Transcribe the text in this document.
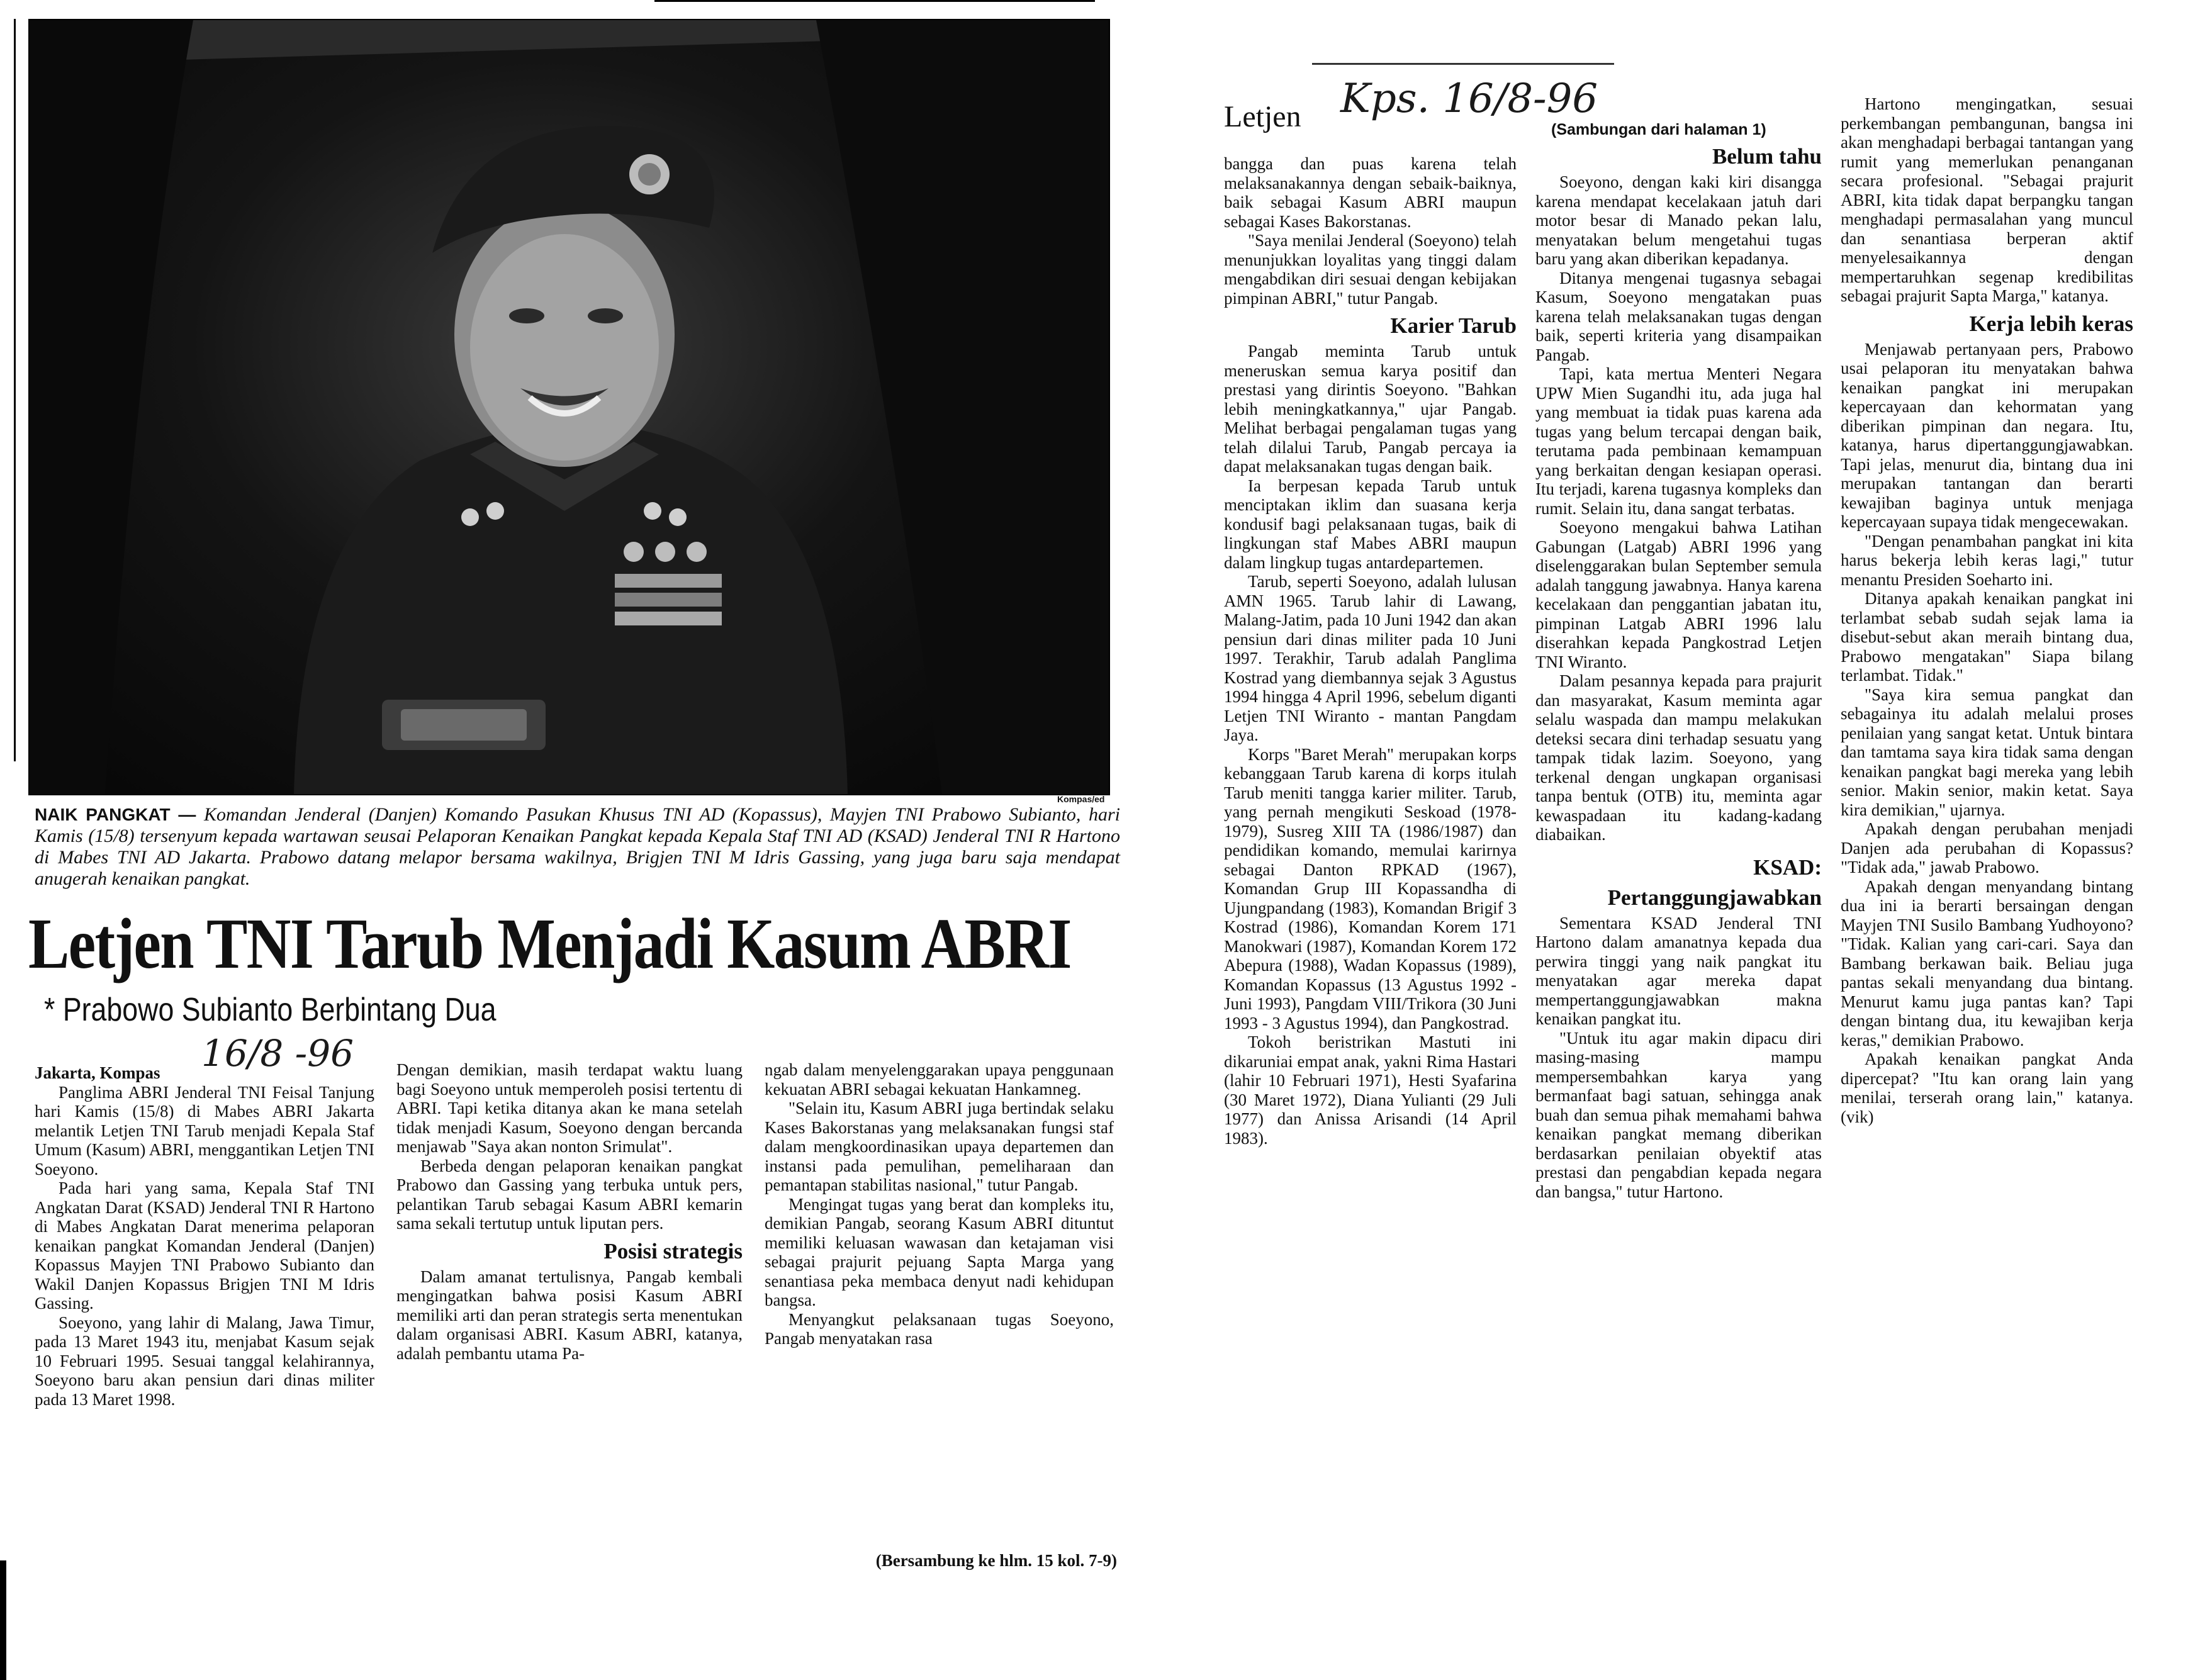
Kompas/ed
NAIK PANGKAT — Komandan Jenderal (Danjen) Komando Pasukan Khusus TNI AD (Kopassus), Mayjen TNI Prabowo Subianto, hari Kamis (15/8) tersenyum kepada wartawan seusai Pelaporan Kenaikan Pangkat kepada Kepala Staf TNI AD (KSAD) Jenderal TNI R Hartono di Mabes TNI AD Jakarta. Prabowo datang melapor bersama wakilnya, Brigjen TNI M Idris Gassing, yang juga baru saja mendapat anugerah kenaikan pangkat.
Letjen TNI Tarub Menjadi Kasum ABRI
* Prabowo Subianto Berbintang Dua
16/8 -96

Jakarta, Kompas

Panglima ABRI Jenderal TNI Feisal Tanjung hari Kamis (15/8) di Mabes ABRI Jakarta melantik Letjen TNI Tarub menjadi Kepala Staf Umum (Kasum) ABRI, menggantikan Letjen TNI Soeyono.

Pada hari yang sama, Kepala Staf TNI Angkatan Darat (KSAD) Jenderal TNI R Hartono di Mabes Angkatan Darat menerima pelaporan kenaikan pangkat Komandan Jenderal (Danjen) Kopassus Mayjen TNI Prabowo Subianto dan Wakil Danjen Kopassus Brigjen TNI M Idris Gassing.

Soeyono, yang lahir di Malang, Jawa Timur, pada 13 Maret 1943 itu, menjabat Kasum sejak 10 Februari 1995. Sesuai tanggal kelahirannya, Soeyono baru akan pensiun dari dinas militer pada 13 Maret 1998.

Dengan demikian, masih terdapat waktu luang bagi Soeyono untuk memperoleh posisi tertentu di ABRI. Tapi ketika ditanya akan ke mana setelah tidak menjadi Kasum, Soeyono dengan bercanda menjawab "Saya akan nonton Srimulat".

Berbeda dengan pelaporan kenaikan pangkat Prabowo dan Gassing yang terbuka untuk pers, pelantikan Tarub sebagai Kasum ABRI kemarin sama sekali tertutup untuk liputan pers.

Posisi strategis

Dalam amanat tertulisnya, Pangab kembali mengingatkan bahwa posisi Kasum ABRI memiliki arti dan peran strategis serta menentukan dalam organisasi ABRI. Kasum ABRI, katanya, adalah pembantu utama Pa-

ngab dalam menyelenggarakan upaya penggunaan kekuatan ABRI sebagai kekuatan Hankamneg.

"Selain itu, Kasum ABRI juga bertindak selaku Kases Bakorstanas yang melaksanakan fungsi staf dalam mengkoordinasikan upaya departemen dan instansi pada pemulihan, pemeliharaan dan pemantapan stabilitas nasional," tutur Pangab.

Mengingat tugas yang berat dan kompleks itu, demikian Pangab, seorang Kasum ABRI dituntut memiliki keluasan wawasan dan ketajaman visi sebagai prajurit pejuang Sapta Marga yang senantiasa peka membaca denyut nadi kehidupan bangsa.

Menyangkut pelaksanaan tugas Soeyono, Pangab menyatakan rasa

(Bersambung ke hlm. 15 kol. 7-9)
Letjen Kps. 16/8-96
(Sambungan dari halaman 1)

bangga dan puas karena telah melaksanakannya dengan sebaik-baiknya, baik sebagai Kasum ABRI maupun sebagai Kases Bakorstanas.

"Saya menilai Jenderal (Soeyono) telah menunjukkan loyalitas yang tinggi dalam mengabdikan diri sesuai dengan kebijakan pimpinan ABRI," tutur Pangab.

Karier Tarub

Pangab meminta Tarub untuk meneruskan semua karya positif dan prestasi yang dirintis Soeyono. "Bahkan lebih meningkatkannya," ujar Pangab. Melihat berbagai pengalaman tugas yang telah dilalui Tarub, Pangab percaya ia dapat melaksanakan tugas dengan baik.

Ia berpesan kepada Tarub untuk menciptakan iklim dan suasana kerja kondusif bagi pelaksanaan tugas, baik di lingkungan staf Mabes ABRI maupun dalam lingkup tugas antardepartemen.

Tarub, seperti Soeyono, adalah lulusan AMN 1965. Tarub lahir di Lawang, Malang-Jatim, pada 10 Juni 1942 dan akan pensiun dari dinas militer pada 10 Juni 1997. Terakhir, Tarub adalah Panglima Kostrad yang diembannya sejak 3 Agustus 1994 hingga 4 April 1996, sebelum diganti Letjen TNI Wiranto - mantan Pangdam Jaya.

Korps "Baret Merah" merupakan korps kebanggaan Tarub karena di korps itulah Tarub meniti tangga karier militer. Tarub, yang pernah mengikuti Seskoad (1978-1979), Susreg XIII TA (1986/1987) dan pendidikan komando, memulai karirnya sebagai Danton RPKAD (1967), Komandan Grup III Kopassandha di Ujungpandang (1983), Komandan Brigif 3 Kostrad (1986), Komandan Korem 171 Manokwari (1987), Komandan Korem 172 Abepura (1988), Wadan Kopassus (1989), Komandan Kopassus (13 Agustus 1992 - Juni 1993), Pangdam VIII/Trikora (30 Juni 1993 - 3 Agustus 1994), dan Pangkostrad.

Tokoh beristrikan Mastuti ini dikaruniai empat anak, yakni Rima Hastari (lahir 10 Februari 1971), Hesti Syafarina (30 Maret 1972), Diana Yulianti (29 Juli 1977) dan Anissa Arisandi (14 April 1983).

Belum tahu

Soeyono, dengan kaki kiri disangga karena mendapat kecelakaan jatuh dari motor besar di Manado pekan lalu, menyatakan belum mengetahui tugas baru yang akan diberikan kepadanya.

Ditanya mengenai tugasnya sebagai Kasum, Soeyono mengatakan puas karena telah melaksanakan tugas dengan baik, seperti kriteria yang disampaikan Pangab.

Tapi, kata mertua Menteri Negara UPW Mien Sugandhi itu, ada juga hal yang membuat ia tidak puas karena ada tugas yang belum tercapai dengan baik, terutama pada pembinaan kemampuan yang berkaitan dengan kesiapan operasi. Itu terjadi, karena tugasnya kompleks dan rumit. Selain itu, dana sangat terbatas.

Soeyono mengakui bahwa Latihan Gabungan (Latgab) ABRI 1996 yang diselenggarakan bulan September semula adalah tanggung jawabnya. Hanya karena kecelakaan dan penggantian jabatan itu, pimpinan Latgab ABRI 1996 lalu diserahkan kepada Pangkostrad Letjen TNI Wiranto.

Dalam pesannya kepada para prajurit dan masyarakat, Kasum meminta agar selalu waspada dan mampu melakukan deteksi secara dini terhadap sesuatu yang tampak tidak lazim. Soeyono, yang terkenal dengan ungkapan organisasi tanpa bentuk (OTB) itu, meminta agar kewaspadaan itu kadang-kadang diabaikan.

KSAD:
Pertanggungjawabkan

Sementara KSAD Jenderal TNI Hartono dalam amanatnya kepada dua perwira tinggi yang naik pangkat itu menyatakan agar mereka dapat mempertanggungjawabkan makna kenaikan pangkat itu.

"Untuk itu agar makin dipacu diri masing-masing mampu mempersembahkan karya yang bermanfaat bagi satuan, sehingga anak buah dan semua pihak memahami bahwa kenaikan pangkat memang diberikan berdasarkan penilaian obyektif atas prestasi dan pengabdian kepada negara dan bangsa," tutur Hartono.

Hartono mengingatkan, sesuai perkembangan pembangunan, bangsa ini akan menghadapi berbagai tantangan yang rumit yang memerlukan penanganan secara profesional. "Sebagai prajurit ABRI, kita tidak dapat berpangku tangan menghadapi permasalahan yang muncul dan senantiasa berperan aktif menyelesaikannya dengan mempertaruhkan segenap kredibilitas sebagai prajurit Sapta Marga," katanya.

Kerja lebih keras

Menjawab pertanyaan pers, Prabowo usai pelaporan itu menyatakan bahwa kenaikan pangkat ini merupakan kepercayaan dan kehormatan yang diberikan pimpinan dan negara. Itu, katanya, harus dipertanggungjawabkan. Tapi jelas, menurut dia, bintang dua ini merupakan tantangan dan berarti kewajiban baginya untuk menjaga kepercayaan supaya tidak mengecewakan.

"Dengan penambahan pangkat ini kita harus bekerja lebih keras lagi," tutur menantu Presiden Soeharto ini.

Ditanya apakah kenaikan pangkat ini terlambat sebab sudah sejak lama ia disebut-sebut akan meraih bintang dua, Prabowo mengatakan" Siapa bilang terlambat. Tidak."

"Saya kira semua pangkat dan sebagainya itu adalah melalui proses penilaian yang sangat ketat. Untuk bintara dan tamtama saya kira tidak sama dengan kenaikan pangkat bagi mereka yang lebih senior. Makin senior, makin ketat. Saya kira demikian," ujarnya.

Apakah dengan perubahan menjadi Danjen ada perubahan di Kopassus? "Tidak ada," jawab Prabowo.

Apakah dengan menyandang bintang dua ini ia berarti bersaingan dengan Mayjen TNI Susilo Bambang Yudhoyono? "Tidak. Kalian yang cari-cari. Saya dan Bambang berkawan baik. Beliau juga pantas sekali menyandang dua bintang. Menurut kamu juga pantas kan? Tapi dengan bintang dua, itu kewajiban kerja keras," demikian Prabowo.

Apakah kenaikan pangkat Anda dipercepat? "Itu kan orang lain yang menilai, terserah orang lain," katanya. (vik)
